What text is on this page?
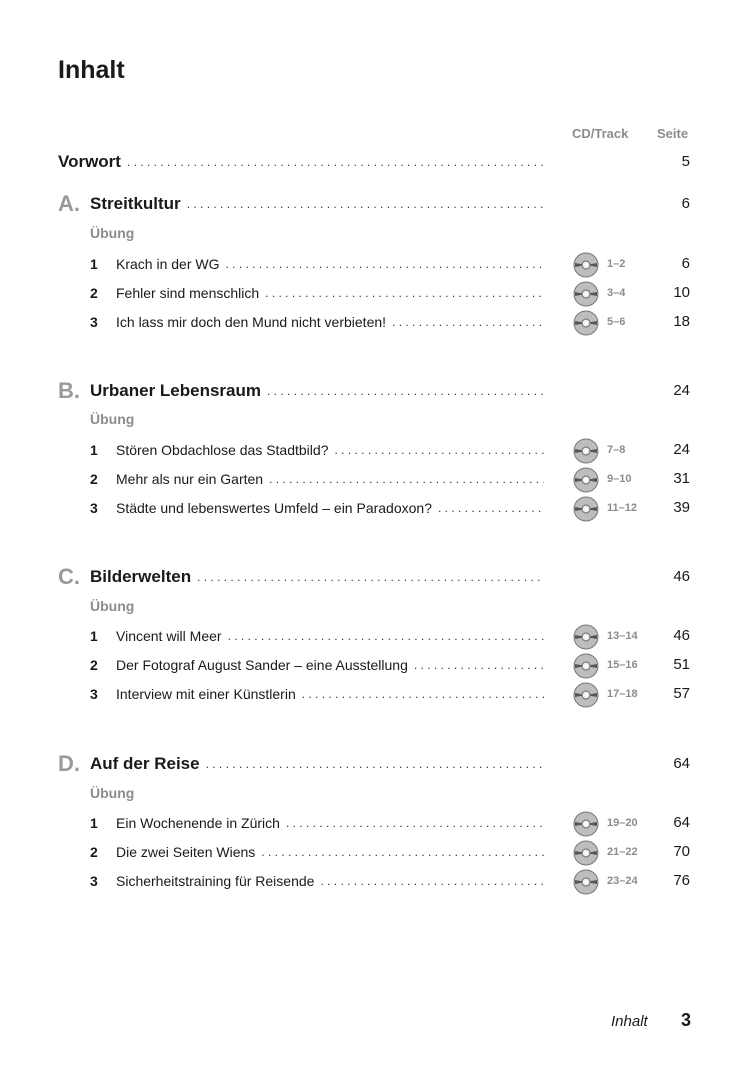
Inhalt
CD/Track Seite
Vorwort . . .	5
A. Streitkultur . . .	6
Übung
1	Krach in der WG . . .	1–2	6
2	Fehler sind menschlich . . .	3–4	10
3	Ich lass mir doch den Mund nicht verbieten! . . .	5–6	18
B. Urbaner Lebensraum . . .	24
Übung
1	Stören Obdachlose das Stadtbild? . . .	7–8	24
2	Mehr als nur ein Garten . . .	9–10	31
3	Städte und lebenswertes Umfeld – ein Paradoxon? . . .	11–12 39
C. Bilderwelten . . .	46
Übung
1	Vincent will Meer . . .	13–14 46
2	Der Fotograf August Sander – eine Ausstellung . . .	15–16 51
3	Interview mit einer Künstlerin . . .	17–18 57
D. Auf der Reise . . .	64
Übung
1	Ein Wochenende in Zürich . . .	19–20 64
2	Die zwei Seiten Wiens . . .	21–22 70
3	Sicherheitstraining für Reisende . . .	23–24 76
Inhalt 3
